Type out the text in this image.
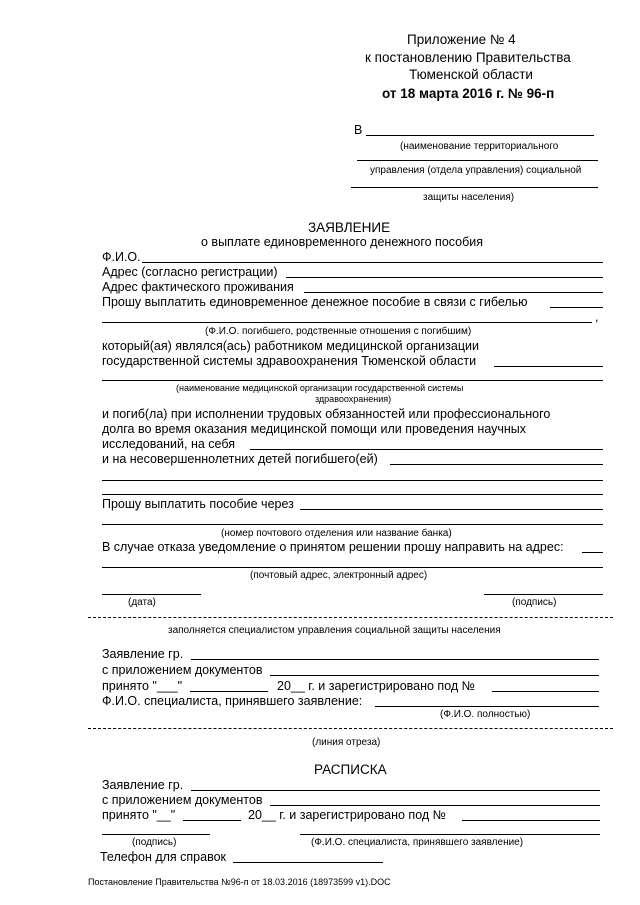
Приложение № 4
к постановлению Правительства
Тюменской области
от 18 марта 2016 г. № 96-п
В
(наименование территориального
управления (отдела управления) социальной
защиты населения)
ЗАЯВЛЕНИЕ
о выплате единовременного денежного пособия
Ф.И.О.
Адрес (согласно регистрации)
Адрес фактического проживания
Прошу выплатить единовременное денежное пособие в связи с гибелью
,
(Ф.И.О. погибшего, родственные отношения с погибшим)
который(ая) являлся(ась) работником медицинской организации
государственной системы здравоохранения Тюменской области
(наименование медицинской организации государственной системы
здравоохранения)
и погиб(ла) при исполнении трудовых обязанностей или профессионального
долга во время оказания медицинской помощи или проведения научных
исследований, на себя
и на несовершеннолетних детей погибшего(ей)
Прошу выплатить пособие через
(номер почтового отделения или название банка)
В случае отказа уведомление о принятом решении прошу направить на адрес:
(почтовый адрес, электронный адрес)
(дата)	(подпись)
заполняется специалистом управления социальной защиты населения
Заявление гр.
с приложением документов
принято "___"	20__ г. и зарегистрировано под №
Ф.И.О. специалиста, принявшего заявление:
(Ф.И.О. полностью)
(линия отреза)
РАСПИСКА
Заявление гр.
с приложением документов
принято "__"	20__ г. и зарегистрировано под №
(подпись)	(Ф.И.О. специалиста, принявшего заявление)
Телефон для справок
Постановление Правительства №96-п от 18.03.2016 (18973599 v1).DOC
